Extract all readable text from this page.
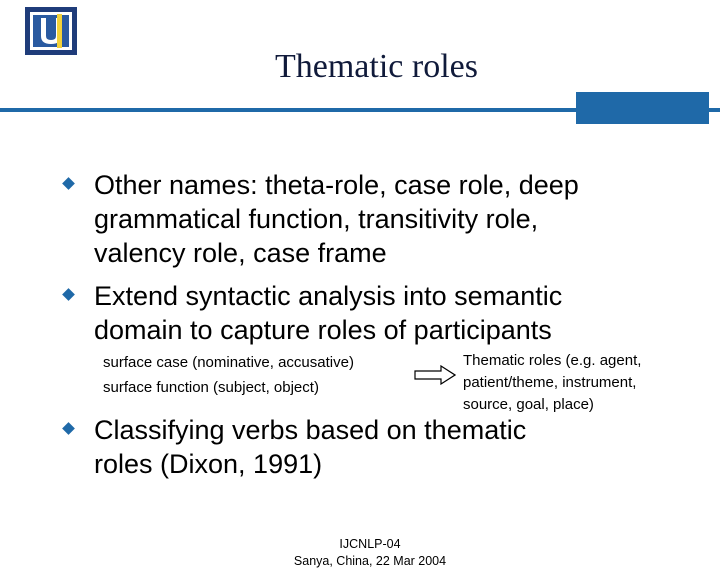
Thematic roles
Other names: theta-role, case role, deep
grammatical function, transitivity role,
valency role, case frame
Extend syntactic analysis into semantic
domain to capture roles of participants
surface case (nominative, accusative)
surface function (subject, object)
Thematic roles (e.g. agent,
patient/theme, instrument,
source, goal, place)
Classifying verbs based on thematic
roles (Dixon, 1991)
IJCNLP-04
Sanya, China, 22 Mar 2004
